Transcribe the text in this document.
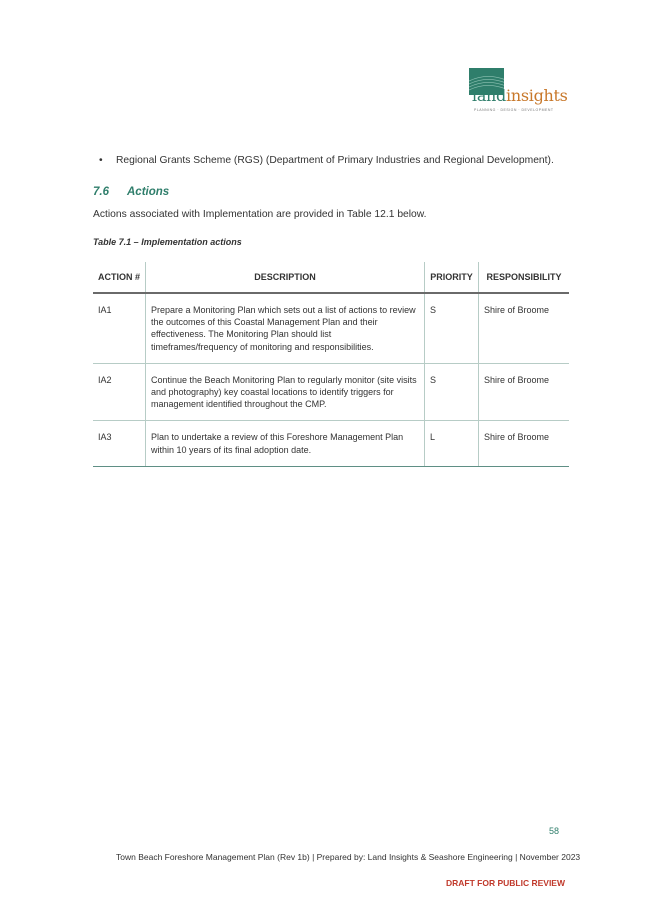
landinsights
PLANNING · DESIGN · DEVELOPMENT
• Regional Grants Scheme (RGS) (Department of Primary Industries and Regional Development).
7.6 Actions
Actions associated with Implementation are provided in Table 12.1 below.
Table 7.1 – Implementation actions
ACTION #	DESCRIPTION	PRIORITY	RESPONSIBILITY
IA1	Prepare a Monitoring Plan which sets out a list of actions to review the outcomes of this Coastal Management Plan and their effectiveness. The Monitoring Plan should list timeframes/frequency of monitoring and responsibilities.	S	Shire of Broome
IA2	Continue the Beach Monitoring Plan to regularly monitor (site visits and photography) key coastal locations to identify triggers for management identified throughout the CMP.	S	Shire of Broome
IA3	Plan to undertake a review of this Foreshore Management Plan within 10 years of its final adoption date.	L	Shire of Broome
58
Town Beach Foreshore Management Plan (Rev 1b) | Prepared by: Land Insights & Seashore Engineering | November 2023
DRAFT FOR PUBLIC REVIEW
